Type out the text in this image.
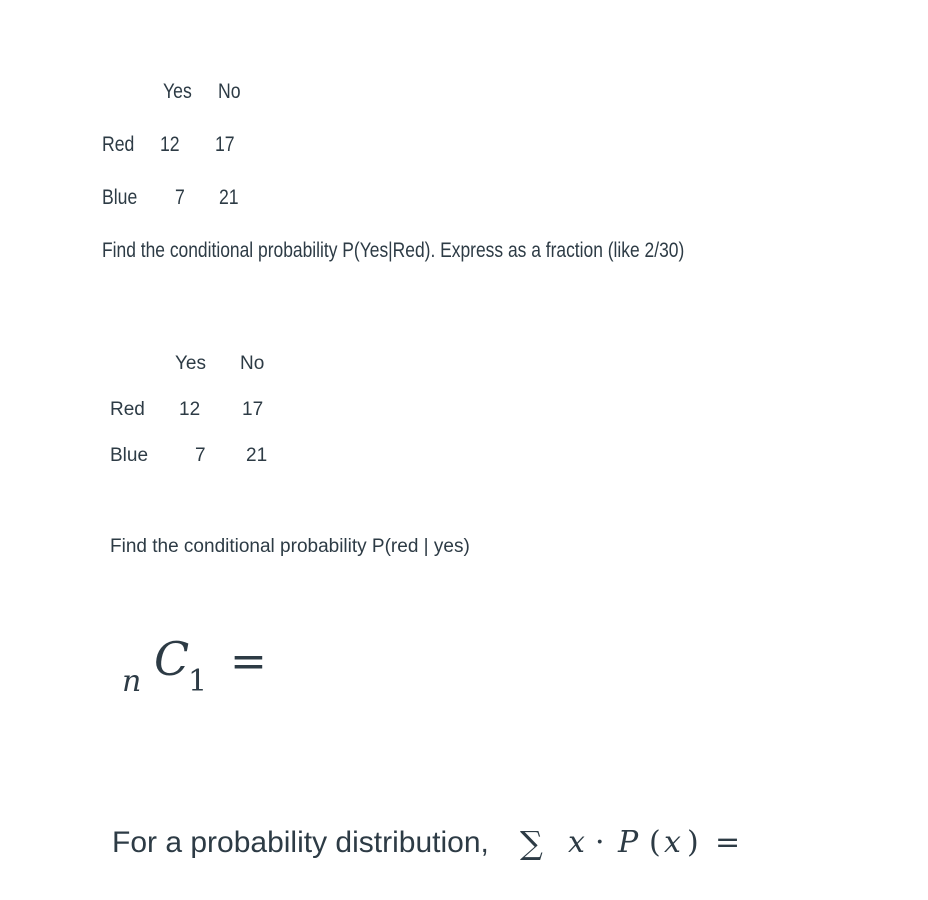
Yes No
Red 12 17
Blue 7 21
Find the conditional probability P(Yes|Red). Express as a fraction (like 2/30)
Yes No
Red 12 17
Blue 7 21
Find the conditional probability P(red | yes)
n C
1 =
For a probability distribution, ∑ x · P ( x ) =
